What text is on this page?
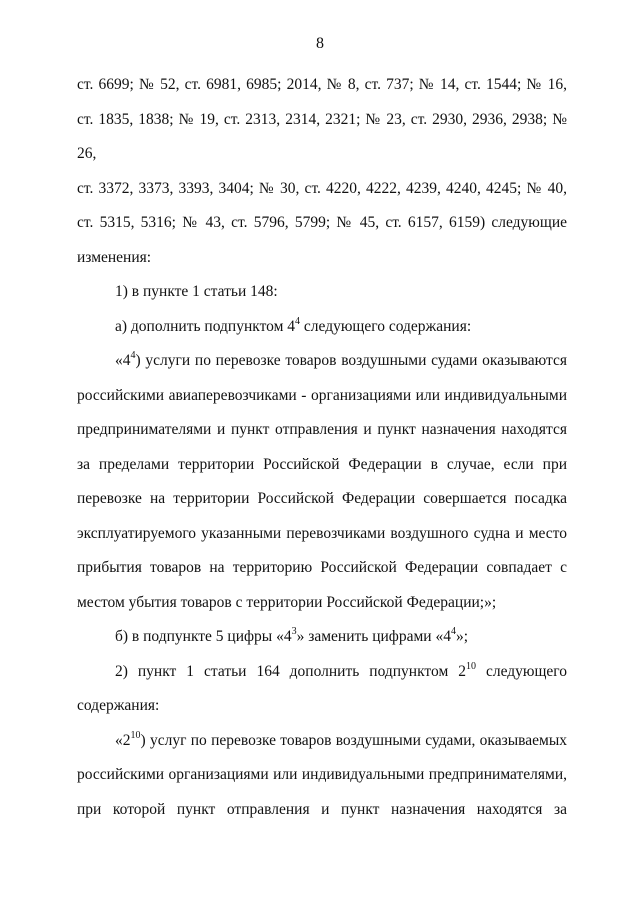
8
ст. 6699; № 52, ст. 6981, 6985; 2014, № 8, ст. 737; № 14, ст. 1544; № 16,
ст. 1835, 1838; № 19, ст. 2313, 2314, 2321; № 23, ст. 2930, 2936, 2938; № 26,
ст. 3372, 3373, 3393, 3404; № 30, ст. 4220, 4222, 4239, 4240, 4245; № 40,
ст. 5315, 5316; № 43, ст. 5796, 5799; № 45, ст. 6157, 6159) следующие
изменения:

1) в пункте 1 статьи 148:

а) дополнить подпунктом $4^4$ следующего содержания:

«$4^4$) услуги по перевозке товаров воздушными судами оказываются российскими авиаперевозчиками - организациями или индивидуальными предпринимателями и пункт отправления и пункт назначения находятся за пределами территории Российской Федерации в случае, если при перевозке на территории Российской Федерации совершается посадка эксплуатируемого указанными перевозчиками воздушного судна и место прибытия товаров на территорию Российской Федерации совпадает с местом убытия товаров с территории Российской Федерации;»;

б) в подпункте 5 цифры «$4^3$» заменить цифрами «$4^4$»;

2) пункт 1 статьи 164 дополнить подпунктом $2^{10}$ следующего содержания:

«$2^{10}$) услуг по перевозке товаров воздушными судами, оказываемых российскими организациями или индивидуальными предпринимателями, при которой пункт отправления и пункт назначения находятся за
